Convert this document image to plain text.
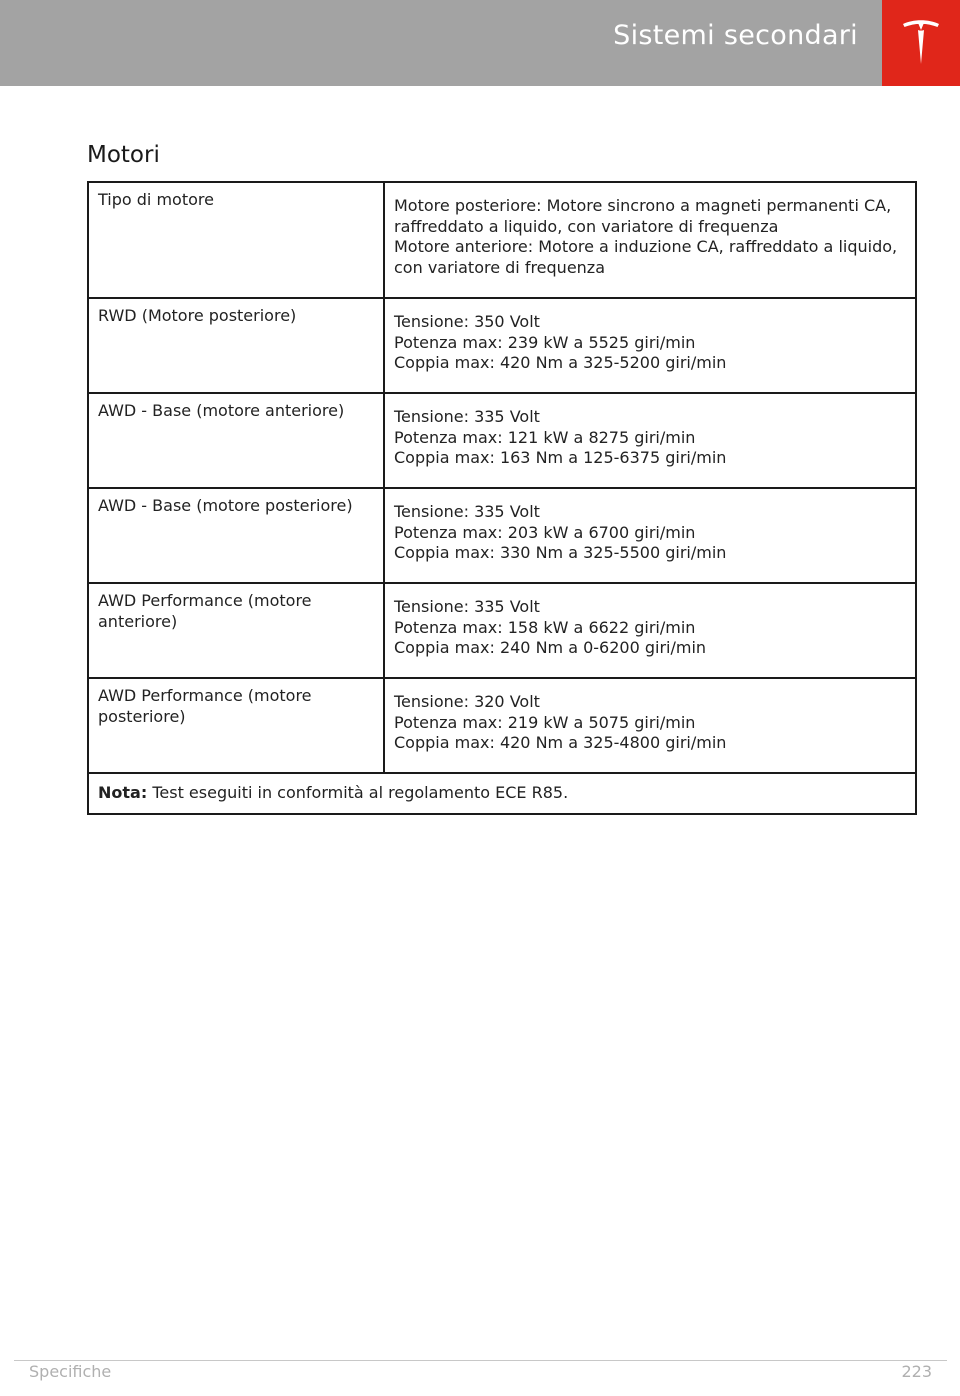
Sistemi secondari
Motori
Tipo di motore	Motore posteriore: Motore sincrono a magneti permanenti CA,
raffreddato a liquido, con variatore di frequenza
Motore anteriore: Motore a induzione CA, raffreddato a liquido,
con variatore di frequenza

RWD (Motore posteriore)	Tensione: 350 Volt
Potenza max: 239 kW a 5525 giri/min
Coppia max: 420 Nm a 325-5200 giri/min

AWD - Base (motore anteriore)	Tensione: 335 Volt
Potenza max: 121 kW a 8275 giri/min
Coppia max: 163 Nm a 125-6375 giri/min

AWD - Base (motore posteriore)	Tensione: 335 Volt
Potenza max: 203 kW a 6700 giri/min
Coppia max: 330 Nm a 325-5500 giri/min

AWD Performance (motore anteriore)	Tensione: 335 Volt
Potenza max: 158 kW a 6622 giri/min
Coppia max: 240 Nm a 0-6200 giri/min

AWD Performance (motore posteriore)	Tensione: 320 Volt
Potenza max: 219 kW a 5075 giri/min
Coppia max: 420 Nm a 325-4800 giri/min

Nota: Test eseguiti in conformità al regolamento ECE R85.	
Specifiche	223
